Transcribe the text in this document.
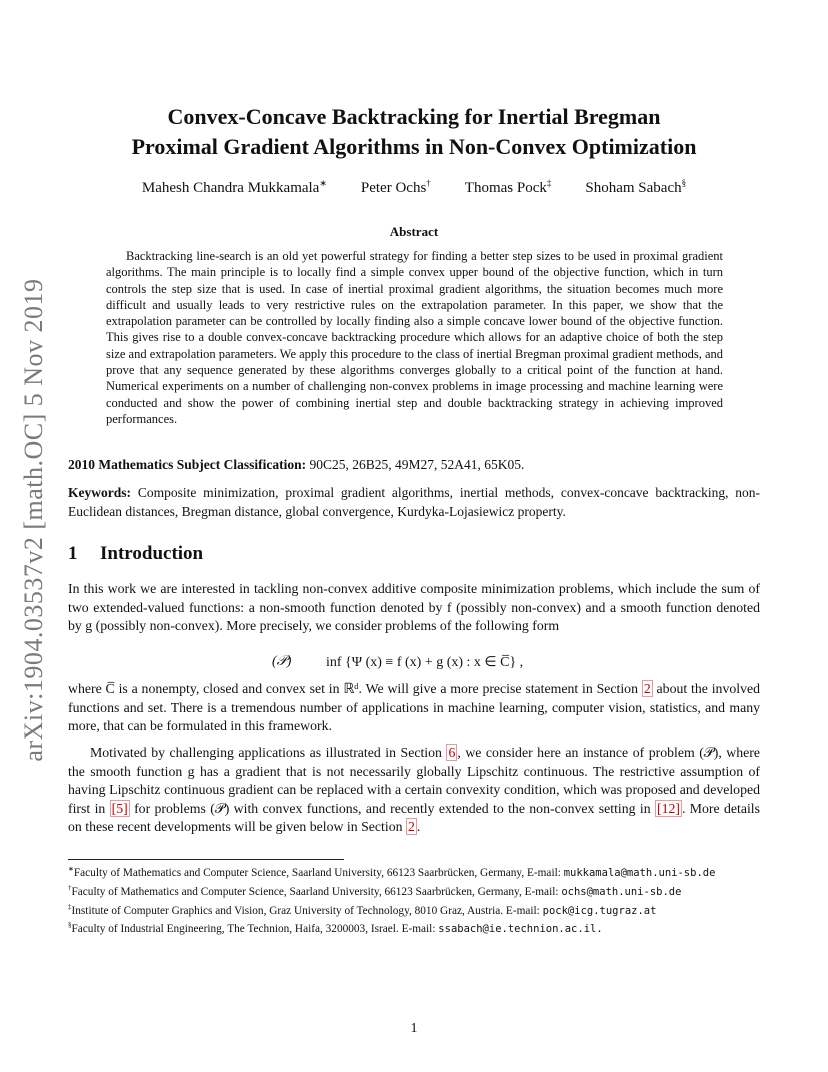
arXiv:1904.03537v2 [math.OC] 5 Nov 2019
Convex-Concave Backtracking for Inertial Bregman
Proximal Gradient Algorithms in Non-Convex Optimization
Mahesh Chandra Mukkamala∗ Peter Ochs† Thomas Pock‡ Shoham Sabach§
Abstract
Backtracking line-search is an old yet powerful strategy for finding a better step sizes to be used in proximal gradient algorithms. The main principle is to locally find a simple convex upper bound of the objective function, which in turn controls the step size that is used. In case of inertial proximal gradient algorithms, the situation becomes much more difficult and usually leads to very restrictive rules on the extrapolation parameter. In this paper, we show that the extrapolation parameter can be controlled by locally finding also a simple concave lower bound of the objective function. This gives rise to a double convex-concave backtracking procedure which allows for an adaptive choice of both the step size and extrapolation parameters. We apply this procedure to the class of inertial Bregman proximal gradient methods, and prove that any sequence generated by these algorithms converges globally to a critical point of the function at hand. Numerical experiments on a number of challenging non-convex problems in image processing and machine learning were conducted and show the power of combining inertial step and double backtracking strategy in achieving improved performances.
2010 Mathematics Subject Classification: 90C25, 26B25, 49M27, 52A41, 65K05.
Keywords: Composite minimization, proximal gradient algorithms, inertial methods, convex-concave backtracking, non-Euclidean distances, Bregman distance, global convergence, Kurdyka-Lojasiewicz property.
1 Introduction
In this work we are interested in tackling non-convex additive composite minimization problems, which include the sum of two extended-valued functions: a non-smooth function denoted by f (possibly non-convex) and a smooth function denoted by g (possibly non-convex). More precisely, we consider problems of the following form
(𝒫) inf {Ψ (x) ≡ f (x) + g (x) : x ∈ C̅} ,
where C̅ is a nonempty, closed and convex set in ℝᵈ. We will give a more precise statement in Section 2 about the involved functions and set. There is a tremendous number of applications in machine learning, computer vision, statistics, and many more, that can be formulated in this framework.
Motivated by challenging applications as illustrated in Section 6 , we consider here an instance of problem (𝒫), where the smooth function g has a gradient that is not necessarily globally Lipschitz continuous. The restrictive assumption of having Lipschitz continuous gradient can be replaced with a certain convexity condition, which was proposed and developed first in [5] for problems (𝒫) with convex functions, and recently extended to the non-convex setting in [12] . More details on these recent developments will be given below in Section 2 .

∗Faculty of Mathematics and Computer Science, Saarland University, 66123 Saarbrücken, Germany, E-mail: mukkamala@math.uni-sb.de

†Faculty of Mathematics and Computer Science, Saarland University, 66123 Saarbrücken, Germany, E-mail: ochs@math.uni-sb.de

‡Institute of Computer Graphics and Vision, Graz University of Technology, 8010 Graz, Austria. E-mail: pock@icg.tugraz.at

§Faculty of Industrial Engineering, The Technion, Haifa, 3200003, Israel. E-mail: ssabach@ie.technion.ac.il.

1
